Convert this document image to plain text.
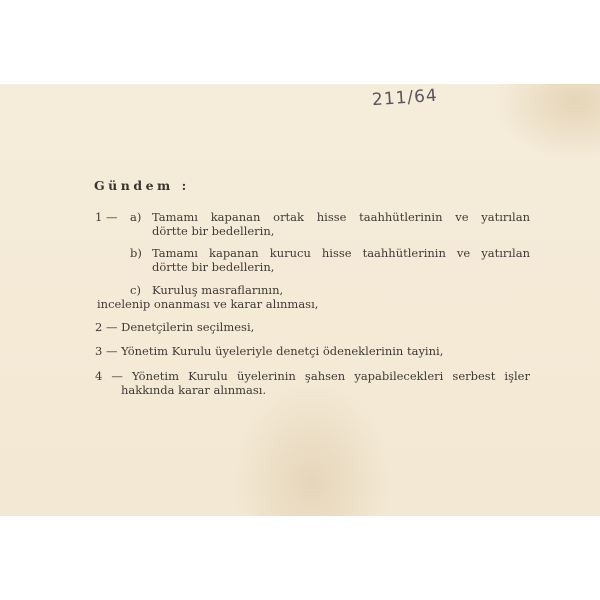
211/64
Gündem :
1 — a) Tamamı kapanan ortak hisse taahhütlerinin ve yatırılan
dörtte bir bedellerin,
b) Tamamı kapanan kurucu hisse taahhütlerinin ve yatırılan
dörtte bir bedellerin,
c) Kuruluş masraflarının,
incelenip onanması ve karar alınması,
2 — Denetçilerin seçilmesi,
3 — Yönetim Kurulu üyeleriyle denetçi ödeneklerinin tayini,
4 — Yönetim Kurulu üyelerinin şahsen yapabilecekleri serbest işler
hakkında karar alınması.
